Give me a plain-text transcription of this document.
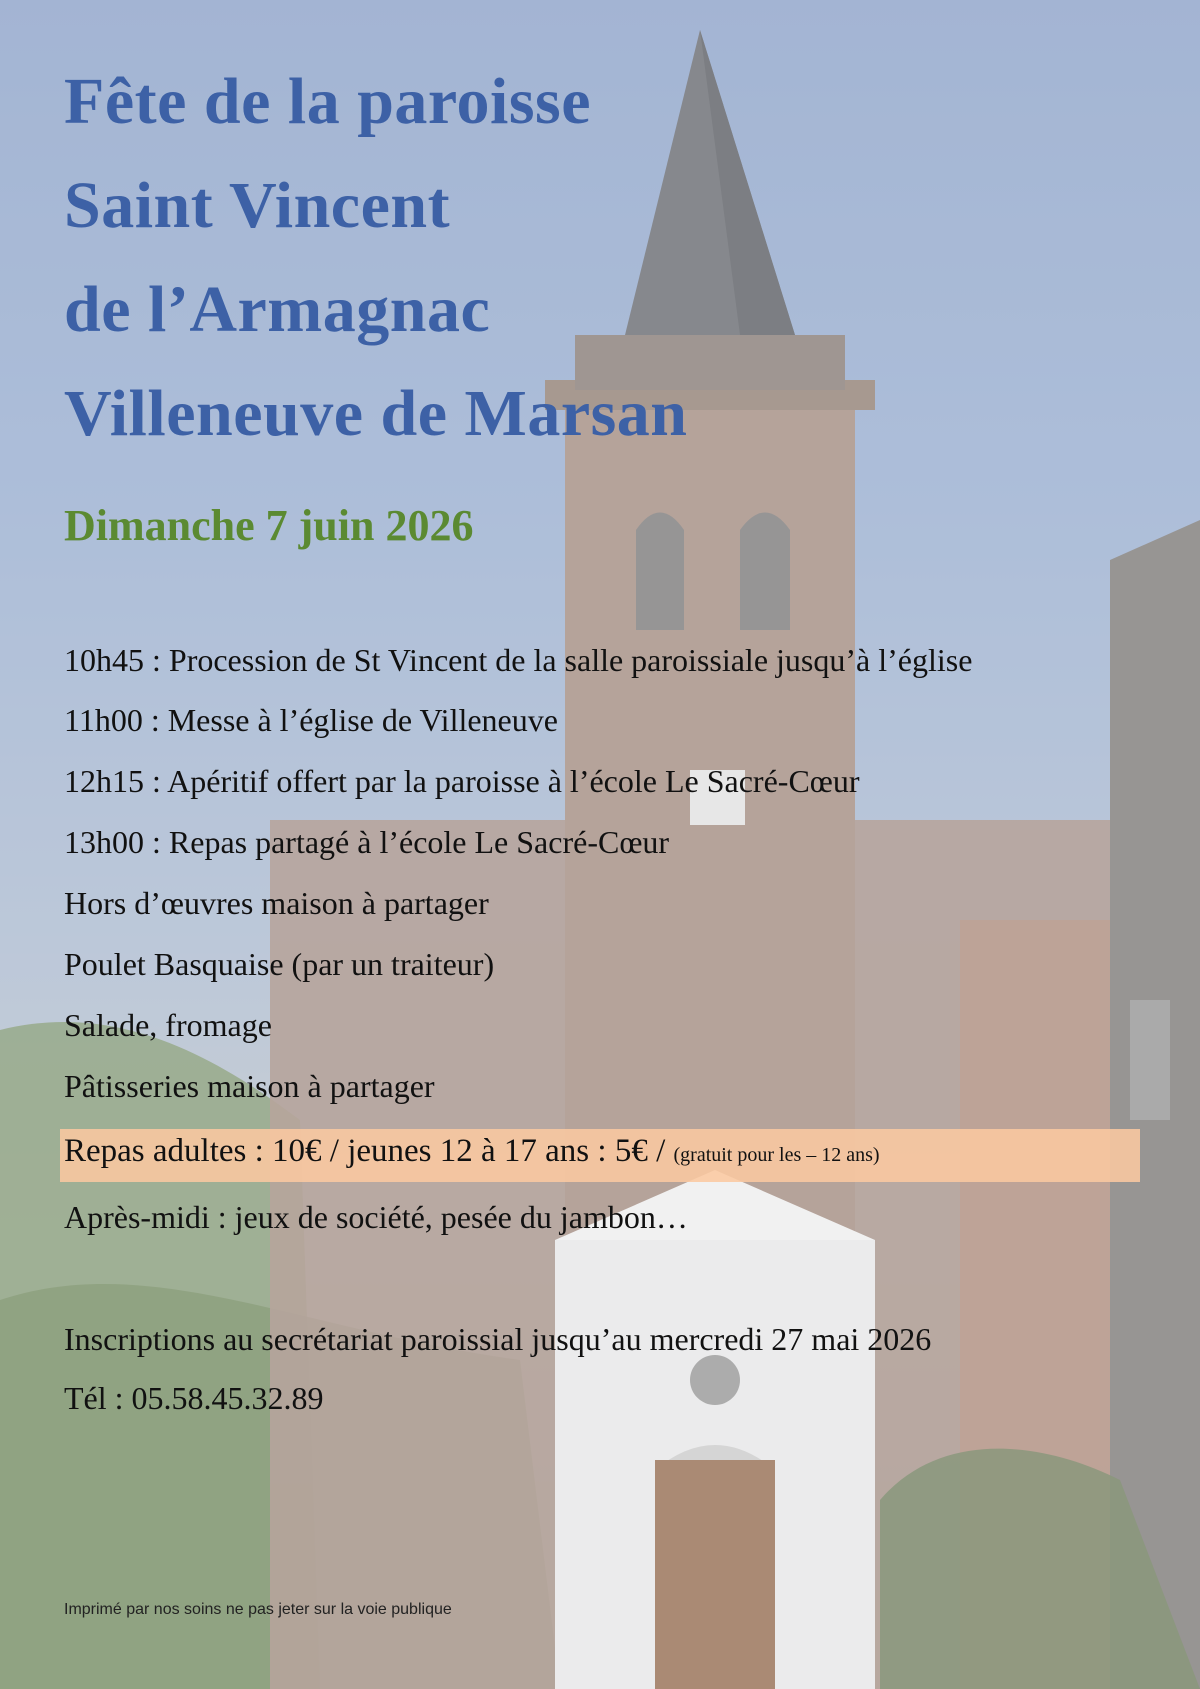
Fête de la paroisse
Saint Vincent
de l’Armagnac
Villeneuve de Marsan

Dimanche 7 juin 2026

10h45 : Procession de St Vincent de la salle paroissiale jusqu’à l’église

11h00 : Messe à l’église de Villeneuve

12h15 : Apéritif offert par la paroisse à l’école Le Sacré-Cœur

13h00 : Repas partagé à l’école Le Sacré-Cœur

Hors d’œuvres maison à partager

Poulet Basquaise (par un traiteur)

Salade, fromage

Pâtisseries maison à partager

Repas adultes : 10€ / jeunes 12 à 17 ans : 5€ / (gratuit pour les – 12 ans)

Après-midi : jeux de société, pesée du jambon…

Inscriptions au secrétariat paroissial jusqu’au mercredi 27 mai 2026

Tél : 05.58.45.32.89

Imprimé par nos soins ne pas jeter sur la voie publique
